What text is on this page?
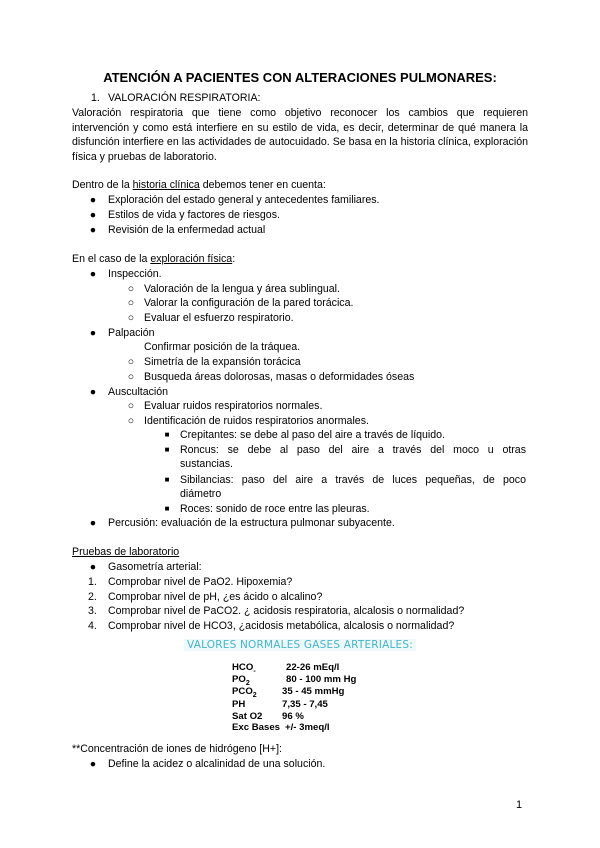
ATENCIÓN A PACIENTES CON ALTERACIONES PULMONARES:
1. VALORACIÓN RESPIRATORIA:
Valoración respiratoria que tiene como objetivo reconocer los cambios que requieren intervención y como está interfiere en su estilo de vida, es decir, determinar de qué manera la disfunción interfiere en las actividades de autocuidado. Se basa en la historia clínica, exploración física y pruebas de laboratorio.
Dentro de la historia clínica debemos tener en cuenta:
● Exploración del estado general y antecedentes familiares.
● Estilos de vida y factores de riesgos.
● Revisión de la enfermedad actual
En el caso de la exploración física:
● Inspección.
○ Valoración de la lengua y área sublingual.
○ Valorar la configuración de la pared torácica.
○ Evaluar el esfuerzo respiratorio.
● Palpación
Confirmar posición de la tráquea.
○ Simetría de la expansión torácica
○ Busqueda áreas dolorosas, masas o deformidades óseas
● Auscultación
○ Evaluar ruidos respiratorios normales.
○ Identificación de ruidos respiratorios anormales.
■ Crepitantes: se debe al paso del aire a través de líquido.
■ Roncus: se debe al paso del aire a través del moco u otras
sustancias.
■ Sibilancias: paso del aire a través de luces pequeñas, de poco
diámetro
■ Roces: sonido de roce entre las pleuras.
● Percusión: evaluación de la estructura pulmonar subyacente.
Pruebas de laboratorio
● Gasometría arterial:
1. Comprobar nivel de PaO2. Hipoxemia?
2. Comprobar nivel de pH, ¿es ácido o alcalino?
3. Comprobar nivel de PaCO2. ¿ acidosis respiratoria, alcalosis o normalidad?
4. Comprobar nivel de HCO3, ¿acidosis metabólica, alcalosis o normalidad?
VALORES NORMALES GASES ARTERIALES:
$HCO_-$	22-26 mEq/l
$PO_2$	80 - 100 mm Hg
$PCO_2$	35 - 45 mmHg
PH	7,35 - 7,45
Sat O2 96 %
Exc Bases +/- 3meq/l
**Concentración de iones de hidrógeno [H+]:
● Define la acidez o alcalinidad de una solución.
1
